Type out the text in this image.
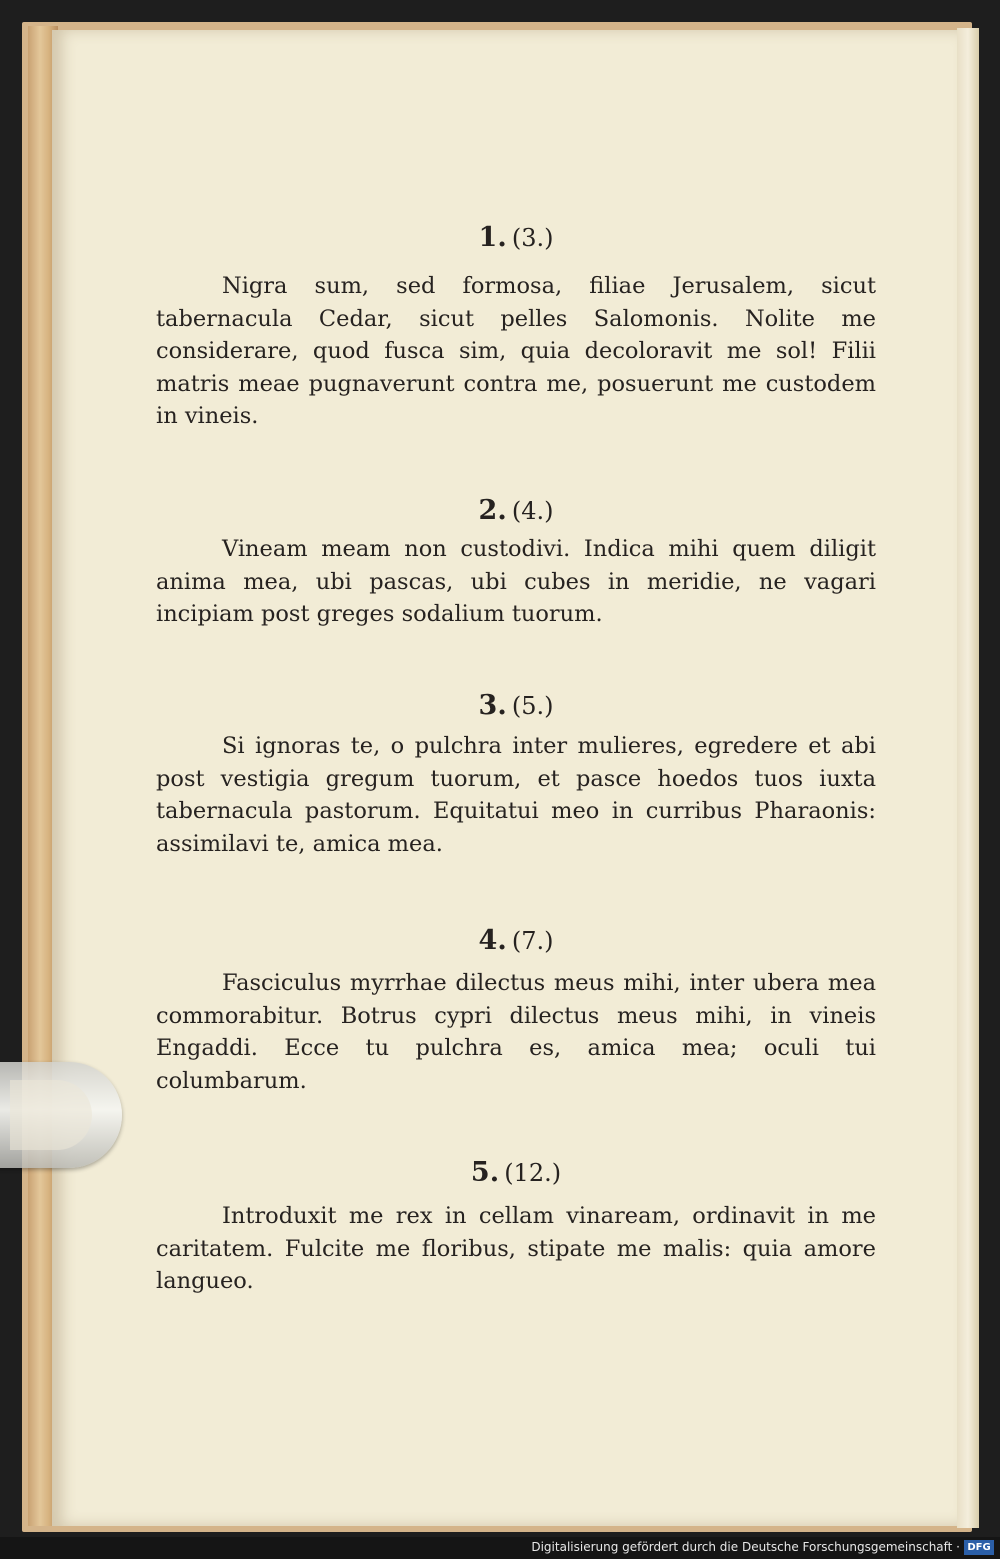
1. (3.)

Nigra sum, sed formosa, filiae Jerusalem, sicut tabernacula Cedar, sicut pelles Salomonis. Nolite me considerare, quod fusca sim, quia decoloravit me sol! Filii matris meae pugnaverunt contra me, posuerunt me custodem in vineis.

2. (4.)

Vineam meam non custodivi. Indica mihi quem diligit anima mea, ubi pascas, ubi cubes in meridie, ne vagari incipiam post greges sodalium tuorum.

3. (5.)

Si ignoras te, o pulchra inter mulieres, egredere et abi post vestigia gregum tuorum, et pasce hoedos tuos iuxta tabernacula pastorum. Equitatui meo in curribus Pharaonis: assimilavi te, amica mea.

4. (7.)

Fasciculus myrrhae dilectus meus mihi, inter ubera mea commorabitur. Botrus cypri dilectus meus mihi, in vineis Engaddi. Ecce tu pulchra es, amica mea; oculi tui columbarum.

5. (12.)

Introduxit me rex in cellam vinaream, ordinavit in me caritatem. Fulcite me floribus, stipate me malis: quia amore langueo.

Digitalisierung gefördert durch die Deutsche Forschungsgemeinschaft · DFG
